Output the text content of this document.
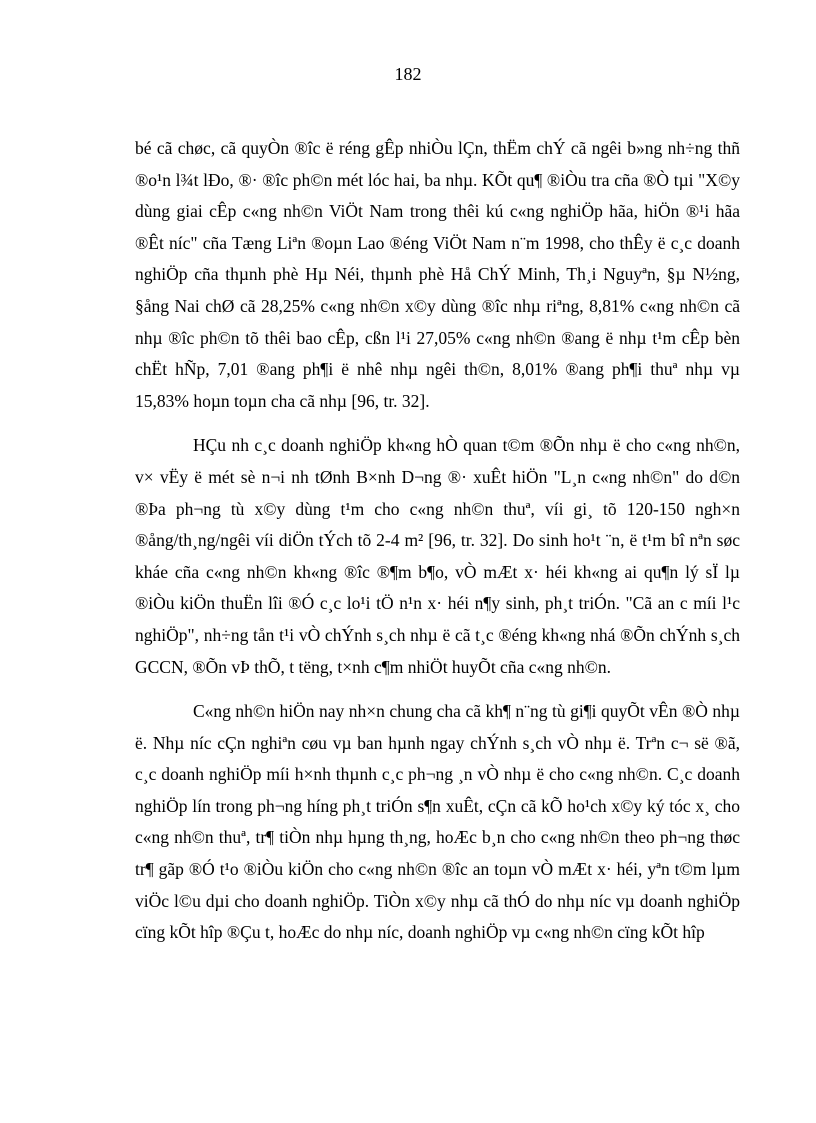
182

bé cã chøc, cã quyÒn ®îc ë réng gÊp nhiÒu lÇn, thËm chÝ cã ngêi b»ng nh÷ng thñ ®o¹n l¾t lÐo, ®· ®îc ph©n mét lóc hai, ba nhµ. KÕt qu¶ ®iÒu tra cña ®Ò tµi "X©y dùng giai cÊp c«ng nh©n ViÖt Nam trong thêi kú c«ng nghiÖp hãa, hiÖn ®¹i hãa ®Êt níc" cña Tæng Liªn ®oµn Lao ®éng ViÖt Nam n¨m 1998, cho thÊy ë c¸c doanh nghiÖp cña thµnh phè Hµ Néi, thµnh phè Hå ChÝ Minh, Th¸i Nguyªn, §µ N½ng, §ång Nai chØ cã 28,25% c«ng nh©n x©y dùng ®îc nhµ riªng, 8,81% c«ng nh©n cã nhµ ®îc ph©n tõ thêi bao cÊp, cßn l¹i 27,05% c«ng nh©n ®ang ë nhµ t¹m cÊp bèn chËt hÑp, 7,01 ®ang ph¶i ë nhê nhµ ngêi th©n, 8,01% ®ang ph¶i thuª nhµ vµ 15,83% hoµn toµn cha cã nhµ [96, tr. 32].

HÇu nh c¸c doanh nghiÖp kh«ng hÒ quan t©m ®Õn nhµ ë cho c«ng nh©n, v× vËy ë mét sè n¬i nh tØnh B×nh D¬ng ®· xuÊt hiÖn "L¸n c«ng nh©n" do d©n ®Þa ph¬ng tù x©y dùng t¹m cho c«ng nh©n thuª, víi gi¸ tõ 120-150 ngh×n ®ång/th¸ng/ngêi víi diÖn tÝch tõ 2-4 m² [96, tr. 32]. Do sinh ho¹t ¨n, ë t¹m bî nªn søc kháe cña c«ng nh©n kh«ng ®îc ®¶m b¶o, vÒ mÆt x· héi kh«ng ai qu¶n lý sÏ lµ ®iÒu kiÖn thuËn lîi ®Ó c¸c lo¹i tÖ n¹n x· héi n¶y sinh, ph¸t triÓn. "Cã an c míi l¹c nghiÖp", nh÷ng tån t¹i vÒ chÝnh s¸ch nhµ ë cã t¸c ®éng kh«ng nhá ®Õn chÝnh s¸ch GCCN, ®Õn vÞ thÕ, t tëng, t×nh c¶m nhiÖt huyÕt cña c«ng nh©n.

C«ng nh©n hiÖn nay nh×n chung cha cã kh¶ n¨ng tù gi¶i quyÕt vÊn ®Ò nhµ ë. Nhµ níc cÇn nghiªn cøu vµ ban hµnh ngay chÝnh s¸ch vÒ nhµ ë. Trªn c¬ së ®ã, c¸c doanh nghiÖp míi h×nh thµnh c¸c ph¬ng ¸n vÒ nhµ ë cho c«ng nh©n. C¸c doanh nghiÖp lín trong ph¬ng híng ph¸t triÓn s¶n xuÊt, cÇn cã kÕ ho¹ch x©y ký tóc x¸ cho c«ng nh©n thuª, tr¶ tiÒn nhµ hµng th¸ng, hoÆc b¸n cho c«ng nh©n theo ph¬ng thøc tr¶ gãp ®Ó t¹o ®iÒu kiÖn cho c«ng nh©n ®îc an toµn vÒ mÆt x· héi, yªn t©m lµm viÖc l©u dµi cho doanh nghiÖp. TiÒn x©y nhµ cã thÓ do nhµ níc vµ doanh nghiÖp cïng kÕt hîp ®Çu t, hoÆc do nhµ níc, doanh nghiÖp vµ c«ng nh©n cïng kÕt hîp
